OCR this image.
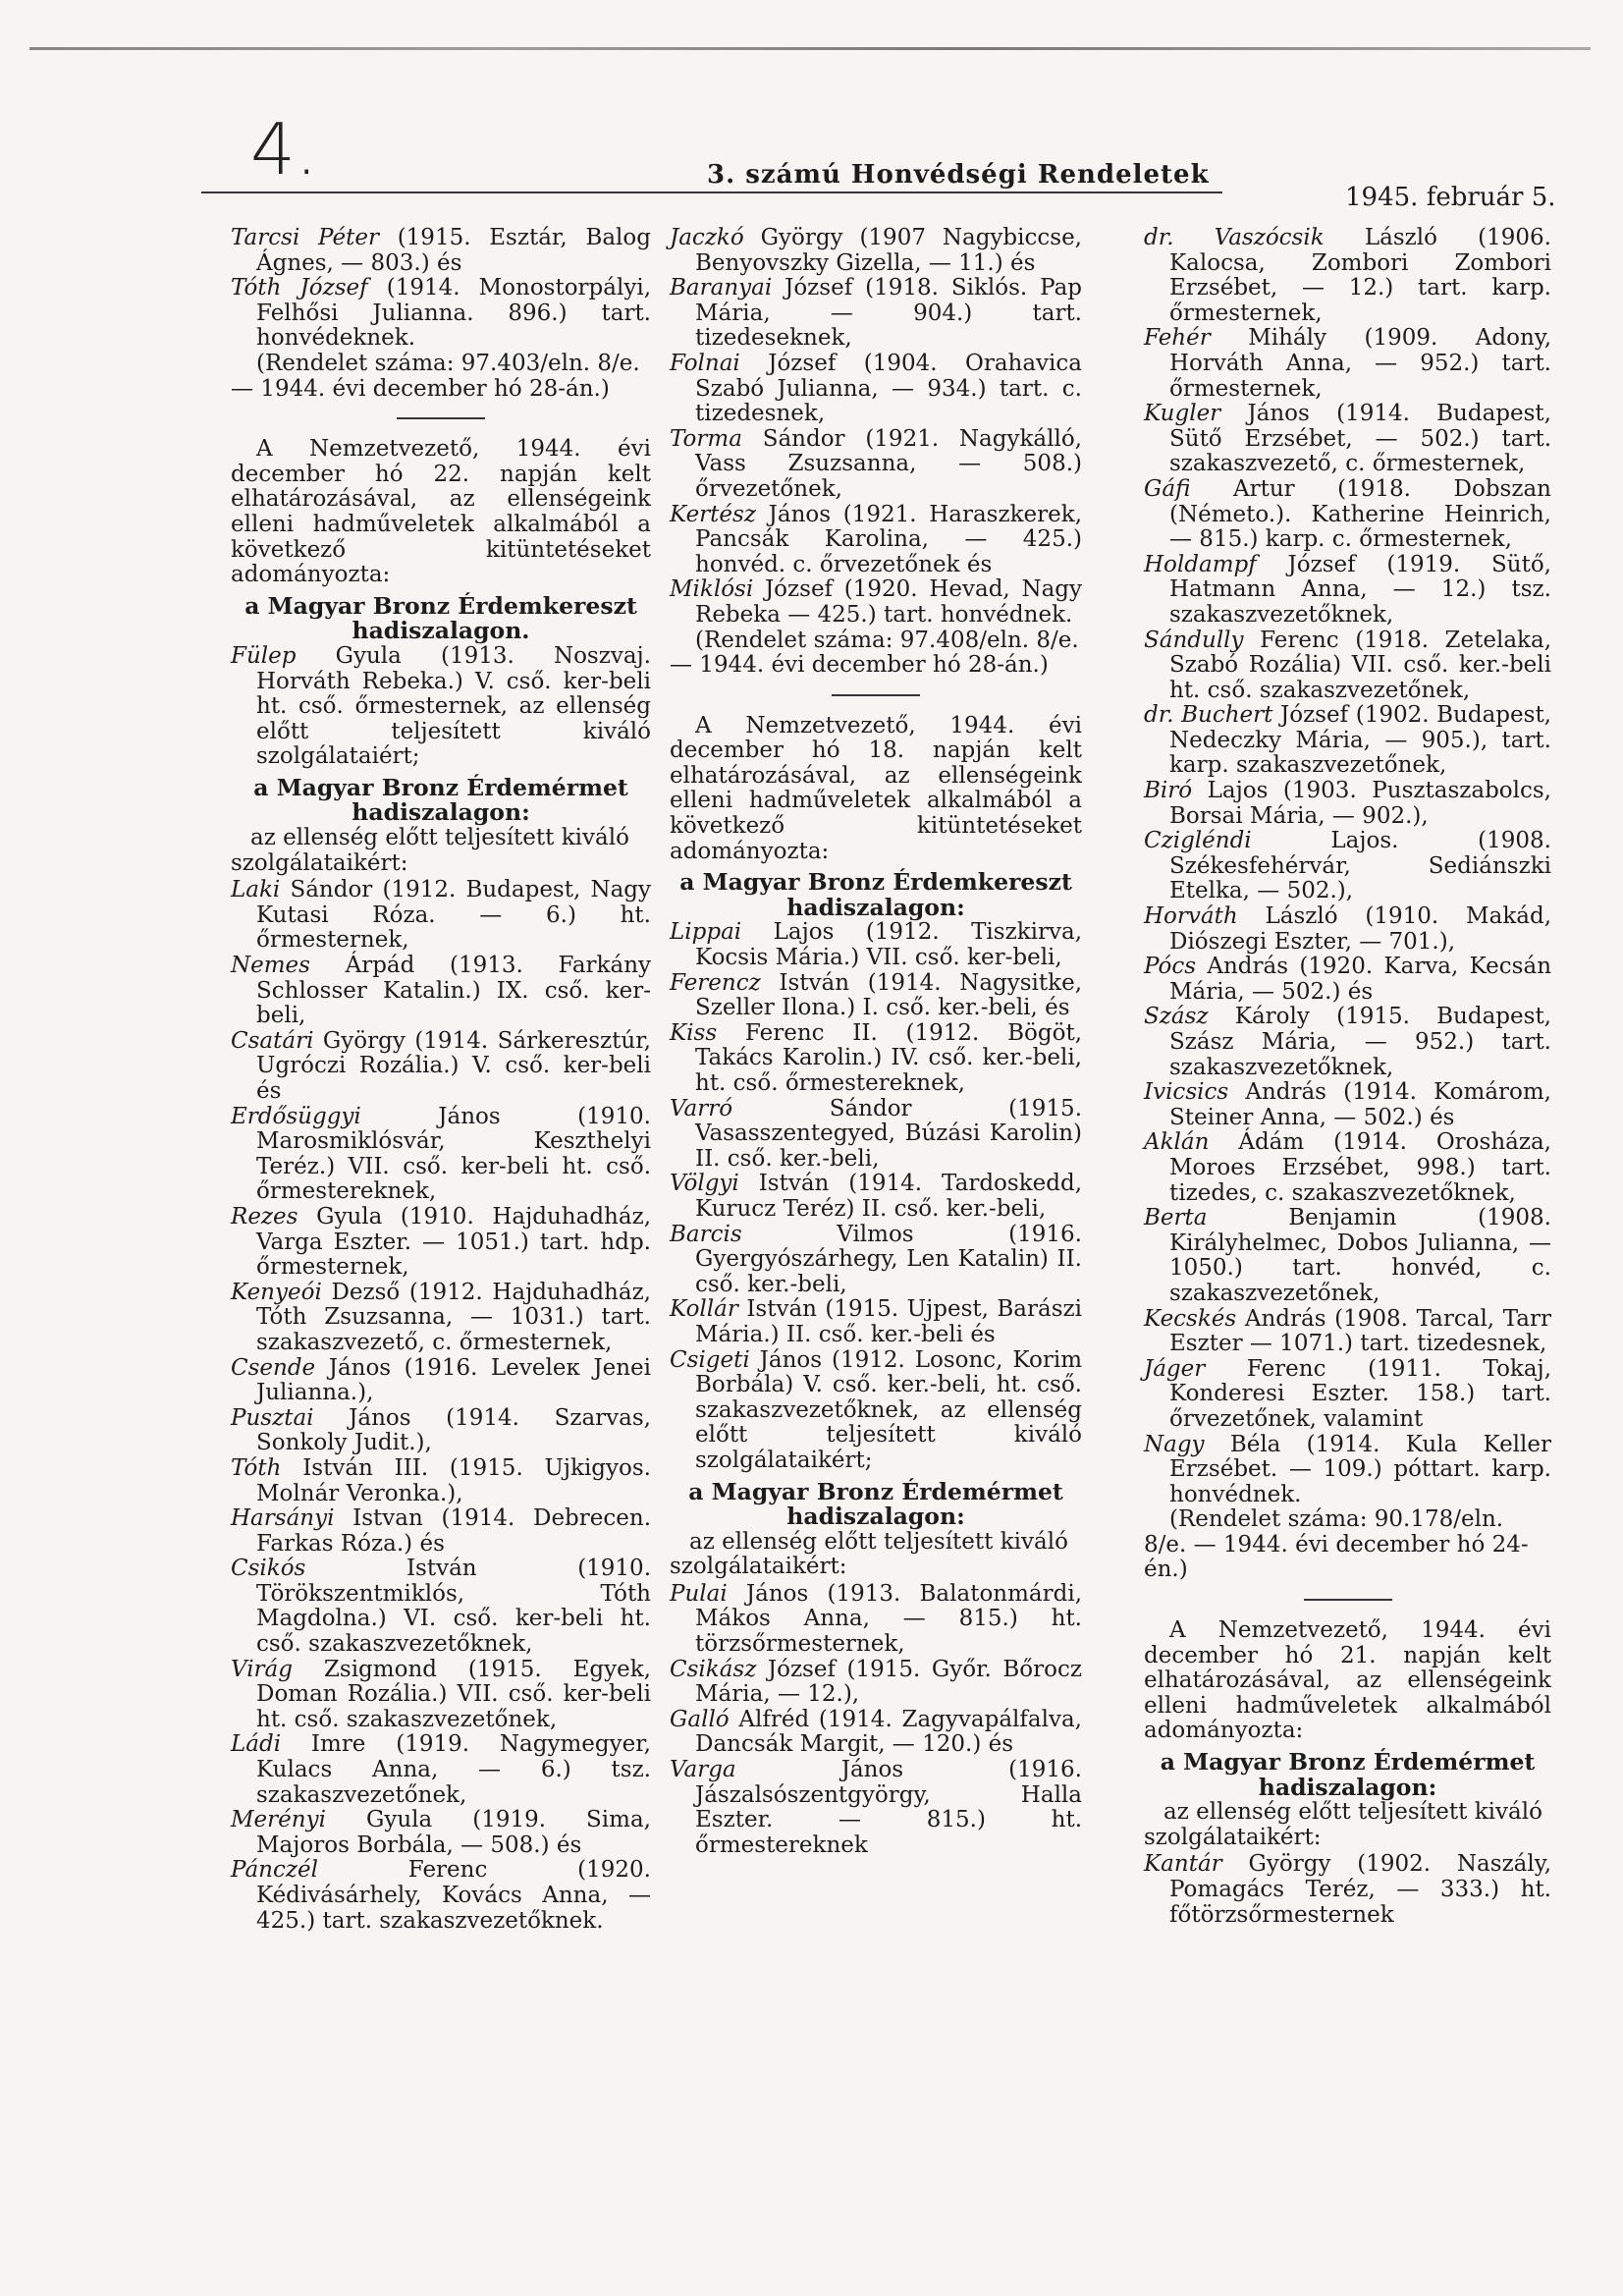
4.	3. számú Honvédségi Rendeletek
1945. február 5.

Tarcsi Péter (1915. Esztár, Balog Ágnes, — 803.) és

Tóth József (1914. Monostorpályi, Felhősi Julianna. 896.) tart. honvédeknek.

(Rendelet száma: 97.403/eln. 8/e. — 1944. évi december hó 28-án.)

A Nemzetvezető, 1944. évi december hó 22. napján kelt elhatározásával, az ellenségeink elleni hadműveletek alkalmából a következő kitüntetéseket adományozta:

a Magyar Bronz Érdemkereszt hadiszalagon.

Fülep Gyula (1913. Noszvaj. Horváth Rebeka.) V. cső. ker-beli ht. cső. őrmesternek, az ellenség előtt teljesített kiváló szolgálataiért;

a Magyar Bronz Érdemérmet hadiszalagon:

az ellenség előtt teljesített kiváló szolgálataikért:

Laki Sándor (1912. Budapest, Nagy Kutasi Róza. — 6.) ht. őrmesternek,

Nemes Árpád (1913. Farkány Schlosser Katalin.) IX. cső. ker-beli,

Csatári György (1914. Sárkeresztúr, Ugróczi Rozália.) V. cső. ker-beli és

Erdősüggyi	János (1910. Marosmiklósvár, Keszthelyi Teréz.) VII. cső. ker-beli ht. cső. őrmestereknek,

Rezes Gyula (1910. Hajduhadház, Varga Eszter. — 1051.) tart. hdp. őrmesternek,

Kenyeói Dezső (1912. Hajduhadház, Tóth Zsuzsanna, — 1031.) tart. szakaszvezető, c. őrmesternek,

Csende János (1916. Leveleк Jenei Julianna.),

Pusztai János (1914. Szarvas, Sonkoly Judit.),

Tóth István III. (1915. Ujkigyos. Molnár Veronka.),

Harsányi Istvan (1914. Debrecen. Farkas Róza.) és

Csikós	István (1910. Törökszentmiklós, Tóth Magdolna.) VI. cső. ker-beli ht. cső. szakaszvezetőknek,

Virág Zsigmond (1915. Egyek, Doman Rozália.) VII. cső. ker-beli ht. cső. szakaszvezetőnek,

Ládi Imre (1919. Nagymegyer, Kulacs Anna, — 6.) tsz. szakaszvezetőnek,

Merényi Gyula (1919. Sima, Majoros Borbála, — 508.) és

Pánczél	Ferenc (1920. Kédivásárhely, Kovács Anna, — 425.) tart. szakaszvezetőknek.

Jaczkó György (1907 Nagybiccse, Benyovszky Gizella, — 11.) és

Baranyai József (1918. Siklós. Pap Mária, — 904.) tart. tizedeseknek,

Folnai József (1904. Orahavica Szabó Julianna, — 934.) tart. c. tizedesnek,

Torma Sándor (1921. Nagykálló, Vass Zsuzsanna, — 508.) őrvezetőnek,

Kertész János (1921. Haraszkerek, Pancsák Karolina, — 425.) honvéd. c. őrvezetőnek és

Miklósi József (1920. Hevad, Nagy Rebeka — 425.) tart. honvédnek.

(Rendelet száma: 97.408/eln. 8/e. — 1944. évi december hó 28-án.)

A Nemzetvezető, 1944. évi december hó 18. napján kelt elhatározásával, az ellenségeink elleni hadműveletek alkalmából a következő kitüntetéseket adományozta:

a Magyar Bronz Érdemkereszt hadiszalagon:

Lippai Lajos (1912. Tiszkirva, Kocsis Mária.) VII. cső. ker-beli,

Ferencz István (1914. Nagysitke, Szeller Ilona.) I. cső. ker.-beli, és

Kiss Ferenc II. (1912. Bögöt, Takács Karolin.) IV. cső. ker.-beli, ht. cső. őrmestereknek,

Varró	Sándor (1915. Vasasszentegyed, Búzási Karolin) II. cső. ker.-beli,

Völgyi István (1914. Tardoskedd, Kurucz Teréz) II. cső. ker.-beli,

Barcis	Vilmos (1916. Gyergyószárhegy, Len Katalin) II. cső. ker.-beli,

Kollár István (1915. Ujpest, Barászi Mária.) II. cső. ker.-beli és

Csigeti János (1912. Losonc, Korim Borbála) V. cső. ker.-beli, ht. cső. szakaszvezetőknek, az ellenség előtt teljesített kiváló szolgálataikért;

a Magyar Bronz Érdemérmet hadiszalagon:

az ellenség előtt teljesített kiváló szolgálataikért:

Pulai János (1913. Balatonmárdi, Mákos Anna, — 815.) ht. törzsőrmesternek,

Csikász József (1915. Győr. Bőrocz Mária, — 12.),

Galló Alfréd (1914. Zagyvapálfalva, Dancsák Margit, — 120.) és

Varga	János (1916. Jászalsószentgyörgy, Halla Eszter. — 815.) ht. őrmestereknek

dr. Vaszócsik László (1906. Kalocsa, Zombori Zombori Erzsébet, — 12.) tart. karp. őrmesternek,

Fehér Mihály (1909. Adony, Horváth Anna, — 952.) tart. őrmesternek,

Kugler János (1914. Budapest, Sütő Erzsébet, — 502.) tart. szakaszvezető, c. őrmesternek,

Gáfi Artur (1918. Dobszan (Németo.). Katherine Heinrich, — 815.) karp. c. őrmesternek,

Holdampf József (1919. Sütő, Hatmann Anna, — 12.) tsz. szakaszvezetőknek,

Sándully Ferenc (1918. Zetelaka, Szabó Rozália) VII. cső. ker.-beli ht. cső. szakaszvezetőnek,

dr. Buchert József (1902. Budapest, Nedeczky Mária, — 905.), tart. karp. szakaszvezetőnek,

Biró Lajos (1903. Pusztaszabolcs, Borsai Mária, — 902.),

Czigléndi	Lajos. (1908. Székesfehérvár, Sediánszki Etelka, — 502.),

Horváth László (1910. Makád, Diószegi Eszter, — 701.),

Pócs András (1920. Karva, Kecsán Mária, — 502.) és

Szász Károly (1915. Budapest, Szász Mária, — 952.) tart. szakaszvezetőknek,

Ivicsics András (1914. Komárom, Steiner Anna, — 502.) és

Aklán Ádám (1914. Orosháza, Moroes Erzsébet, 998.) tart. tizedes, c. szakaszvezetőknek,

Berta	Benjamin (1908. Királyhelmec, Dobos Julianna, — 1050.) tart. honvéd, c. szakaszvezetőnek,

Kecskés András (1908. Tarcal, Tarr Eszter — 1071.) tart. tizedesnek,

Jáger Ferenc (1911. Tokaj, Konderesi Eszter. 158.) tart. őrvezetőnek, valamint

Nagy Béla (1914. Kula Keller Erzsébet. — 109.) póttart. karp. honvédnek.

(Rendelet száma: 90.178/eln. 8/e. — 1944. évi december hó 24-én.)

A Nemzetvezető, 1944. évi december hó 21. napján kelt elhatározásával, az ellenségeink elleni hadműveletek alkalmából adományozta:

a Magyar Bronz Érdemérmet hadiszalagon:

az ellenség előtt teljesített kiváló szolgálataikért:

Kantár György (1902. Naszály, Pomagács Teréz, — 333.) ht. főtörzsőrmesternek
